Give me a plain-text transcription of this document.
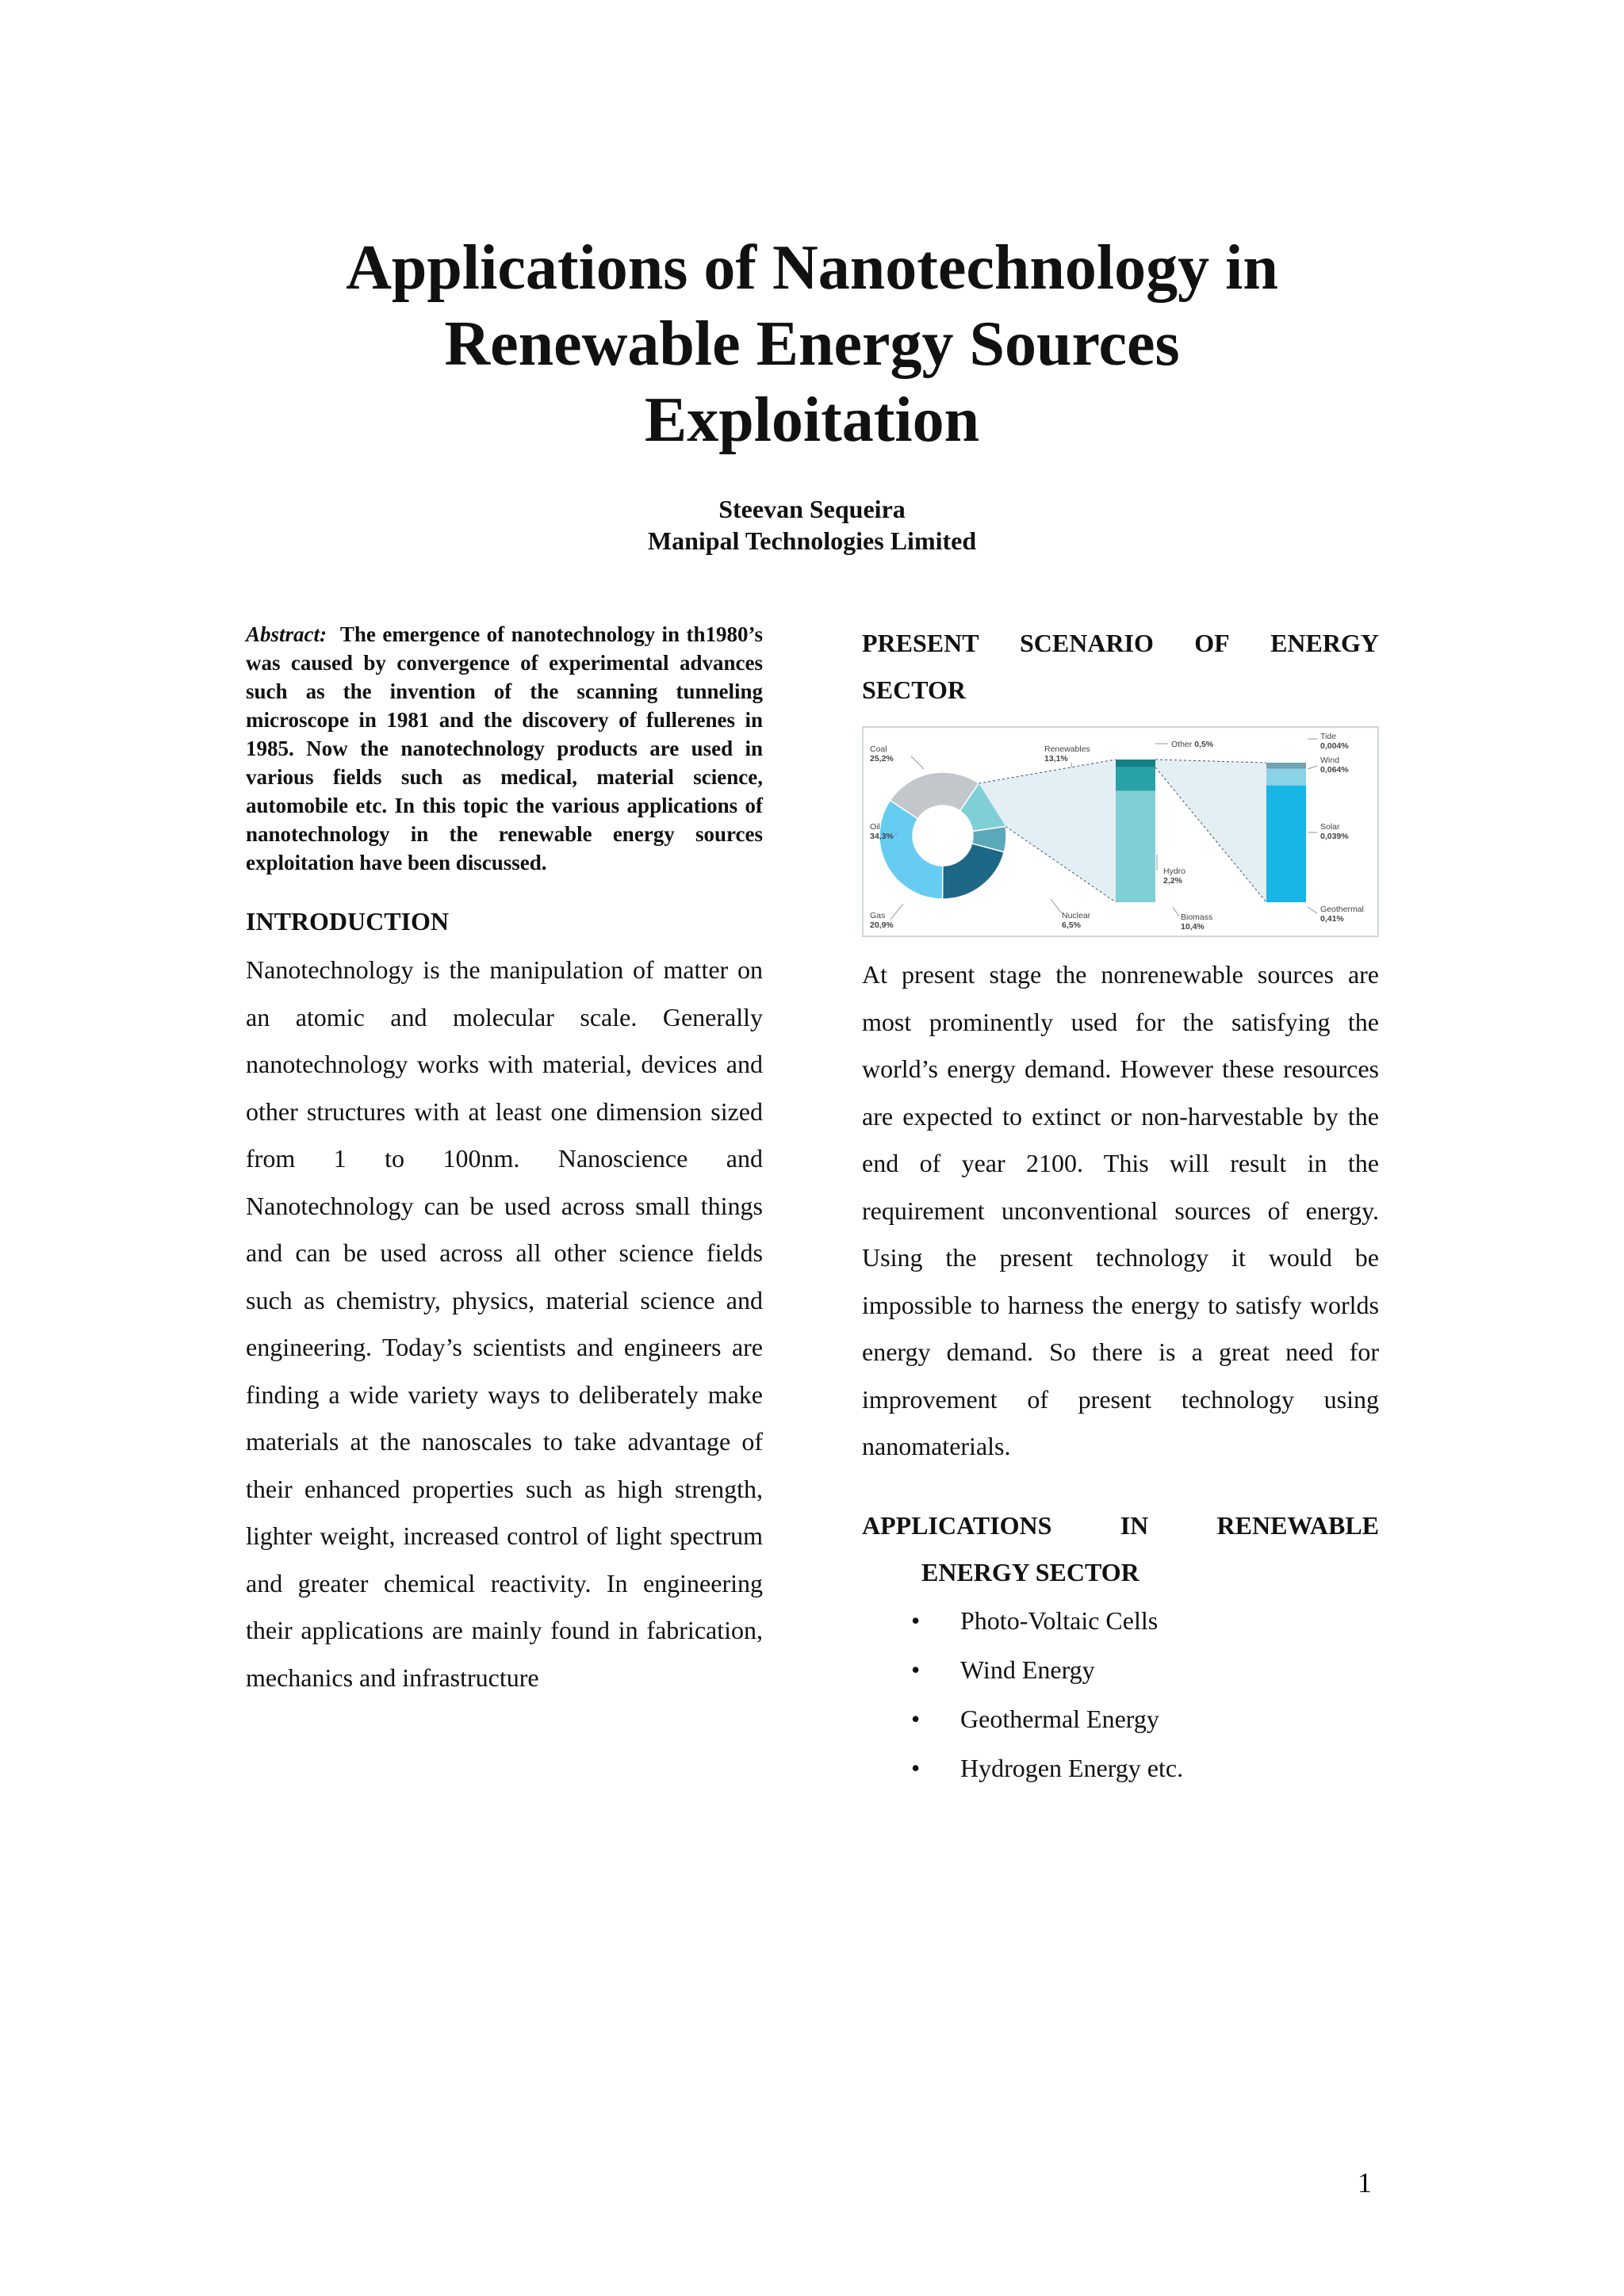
Applications of Nanotechnology in
Renewable Energy Sources
Exploitation
Steevan Sequeira
Manipal Technologies Limited

Abstract: The emergence of nanotechnology in th1980’s was caused by convergence of experimental advances such as the invention of the scanning tunneling microscope in 1981 and the discovery of fullerenes in 1985. Now the nanotechnology products are used in various fields such as medical, material science, automobile etc. In this topic the various applications of nanotechnology in the renewable energy sources exploitation have been discussed.

INTRODUCTION

Nanotechnology is the manipulation of matter on an atomic and molecular scale. Generally nanotechnology works with material, devices and other structures with at least one dimension sized from 1 to 100nm. Nanoscience and Nanotechnology can be used across small things and can be used across all other science fields such as chemistry, physics, material science and engineering. Today’s scientists and engineers are finding a wide variety ways to deliberately make materials at the nanoscales to take advantage of their enhanced properties such as high strength, lighter weight, increased control of light spectrum and greater chemical reactivity. In engineering their applications are mainly found in fabrication, mechanics and infrastructure

PRESENT SCENARIO OF ENERGY
SECTOR
Coal
25,2%
Oil
34,3%
Gas
20,9%
Nuclear
6,5%
Renewables
13,1%
Other 0,5%
Hydro
2,2%
Biomass
10,4%
Tide
0,004%
Wind
0,064%
Solar
0,039%
Geothermal
0,41%

At present stage the nonrenewable sources are most prominently used for the satisfying the world’s energy demand. However these resources are expected to extinct or non-harvestable by the end of year 2100. This will result in the requirement unconventional sources of energy. Using the present technology it would be impossible to harness the energy to satisfy worlds energy demand. So there is a great need for improvement of present technology using nanomaterials.

APPLICATIONS	IN	RENEWABLE
ENERGY SECTOR
• Photo-Voltaic Cells
• Wind Energy
• Geothermal Energy
• Hydrogen Energy etc.
1
